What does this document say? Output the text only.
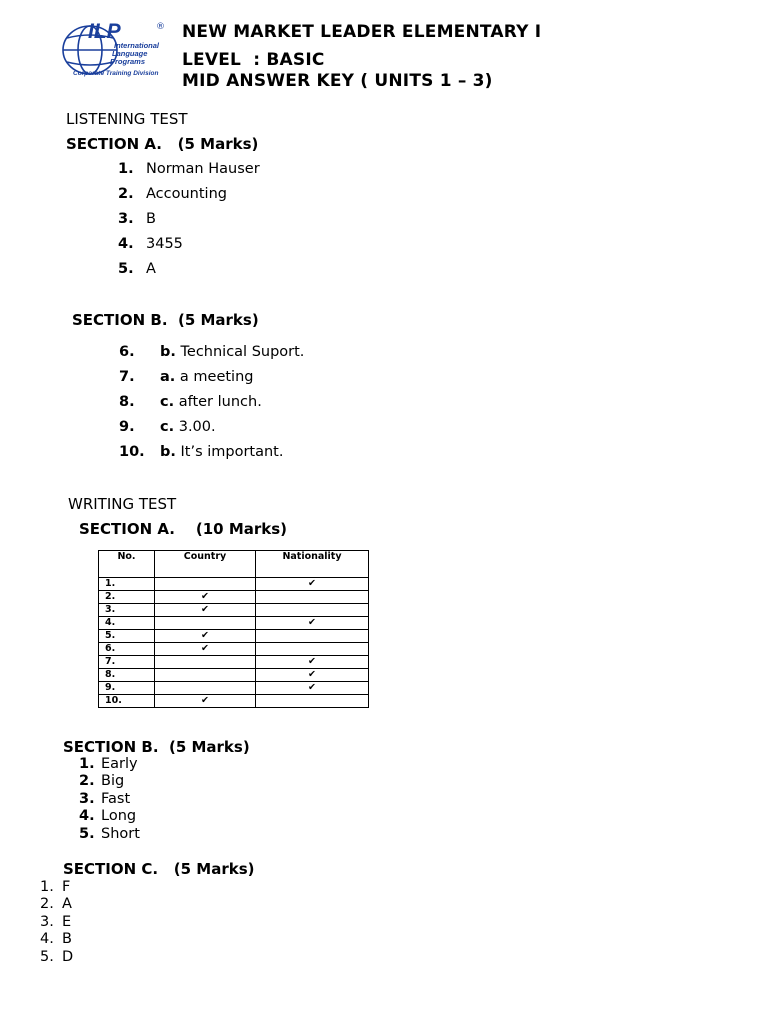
ILP	®
International
Language
Programs
Corporate Training Division
NEW MARKET LEADER ELEMENTARY I
LEVEL  : BASIC
MID ANSWER KEY ( UNITS 1 – 3)
LISTENING TEST
SECTION A.   (5 Marks)
1. Norman Hauser
2. Accounting
3. B
4. 3455
5. A
SECTION B.  (5 Marks)
6. b. Technical Suport.
7. a. a meeting
8. c. after lunch.
9. c. 3.00.
10. b. It’s important.
WRITING TEST
SECTION A.    (10 Marks)
No.	Country	Nationality
1.		✔
2.	✔	
3.	✔	
4.		✔
5.	✔	
6.	✔	
7.		✔
8.		✔
9.		✔
10.	✔	
SECTION B.  (5 Marks)
1. Early
2. Big
3. Fast
4. Long
5. Short
SECTION C.   (5 Marks)
1. F
2. A
3. E
4. B
5. D
